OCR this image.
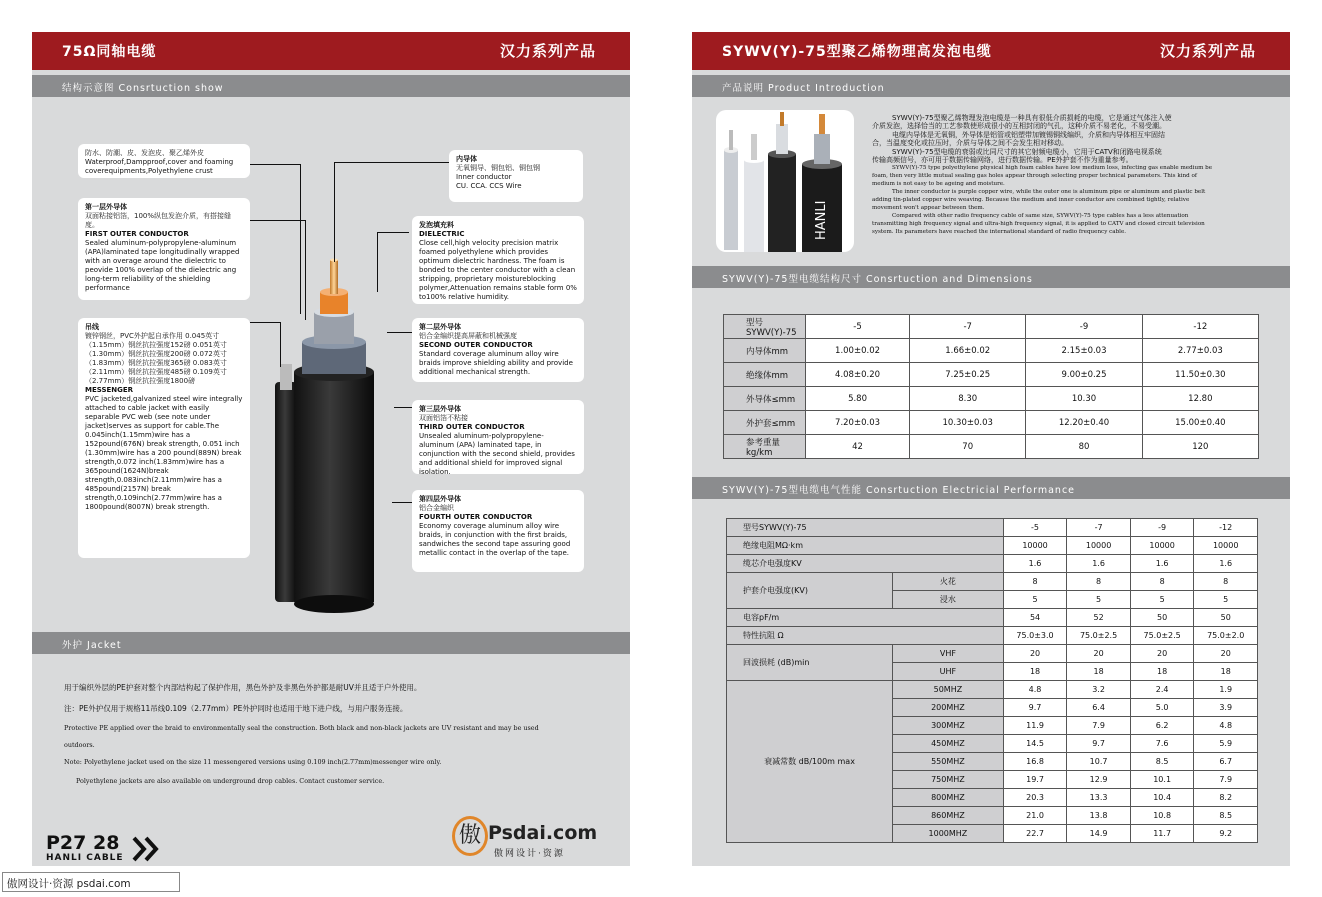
75Ω同轴电缆	汉力系列产品
结构示意图 Consrtuction show
防水、防潮、皮、发泡皮、聚乙烯外皮
Waterproof,Dampproof,cover and foaming coverequipments,Polyethylene crust
第一层外导体
双面粘接铝箔，100%纵包发泡介质，有搭接缝度。
FIRST OUTER CONDUCTOR
Sealed aluminum-polypropylene-aluminum (APA)laminated tape longitudinally wrapped with an overage around the dielectric to peovide 100% overlap of the dielectric ang long-term reliability of the shielding performance
吊线
镀锌钢丝，PVC外护起自承作用 0.045英寸（1.15mm）钢丝抗拉强度152磅 0.051英寸（1.30mm）钢丝抗拉强度200磅 0.072英寸（1.83mm）钢丝抗拉强度365磅 0.083英寸（2.11mm）钢丝抗拉强度485磅 0.109英寸（2.77mm）钢丝抗拉强度1800磅
MESSENGER
PVC jacketed,galvanized steel wire integrally attached to cable jacket with easily separable PVC web (see note under jacket)serves as support for cable.The 0.045inch(1.15mm)wire has a 152pound(676N) break strength, 0.051 inch (1.30mm)wire has a 200 pound(889N) break strength,0.072 inch(1.83mm)wire has a 365pound(1624N)break strength,0.083inch(2.11mm)wire has a 485pound(2157N) break strength,0.109inch(2.77mm)wire has a 1800pound(8007N) break strength.
内导体
无氧铜导、铜包铝、铜包钢
Inner conductor
CU. CCA. CCS Wire
发泡填充料
DIELECTRIC
Close cell,high velocity precision matrix foamed polyethylene which provides optimum dielectric hardness. The foam is bonded to the center conductor with a clean stripping, proprietary moistureblocking polymer,Attenuation remains stable form 0% to100% relative humidity.
第二层外导体
铝合金编织提高屏蔽和机械强度
SECOND OUTER CONDUCTOR
Standard coverage aluminum alloy wire braids improve shielding ability and provide additional mechanical strength.
第三层外导体
双面铝箔不粘接
THIRD OUTER CONDUCTOR
Unsealed aluminum-polypropylene-aluminum (APA) laminated tape, in conjunction with the second shield, provides and additional shield for improved signal isolation.
第四层外导体
铝合金编织
FOURTH OUTER CONDUCTOR
Economy coverage aluminum alloy wire braids, in conjunction with the first braids, sandwiches the second tape assuring good metallic contact in the overlap of the tape.
外护 Jacket
用于编织外层的PE护套对整个内部结构起了保护作用，黑色外护及非黑色外护都是耐UV并且适于户外使用。
注：PE外护仅用于规格11吊线0.109（2.77mm）PE外护同时也适用于地下进户线，与用户服务连接。
Protective PE applied over the braid to environmentally seal the construction. Both black and non-black jackets are UV resistant and may be used
outdoors.
Note: Polyethylene jacket used on the size 11 messengered versions using 0.109 inch(2.77mm)messenger wire only.
Polyethylene jackets are also available on underground drop cables. Contact customer service.
P27 28
HANLI CABLE
傲 Psdai.com
傲网设计·资源
SYWV(Y)-75型聚乙烯物理高发泡电缆	汉力系列产品
产品说明 Product Introduction
HANLI
SYWV(Y)-75型聚乙烯物理发泡电缆是一种具有很低介质损耗的电缆，它是通过气体注入使
介质发泡，选择恰当的工艺参数使形成很小的互相封闭的气孔，这种介质不易老化，不易受潮。
电缆内导体是无氧铜，外导体是铝管或铝塑带加镀锡铜线编织，介质和内导体相互牢固结
合，当温度变化或拉压时，介质与导体之间不会发生相对移动。
SYWV(Y)-75型电缆的衰弱或比同尺寸的其它射频电缆小，它用于CATV和闭路电视系统
传输高频信号，亦可用于数据传输网络，进行数据传输。PE外护套不作为重量参考。
SYWV(Y)-75 type polyethylene physical high foam cables have low medium loss, infecting gas enable medium be
foam, then very little mutual sealing gas holes appear through selecting proper technical parameters. This kind of
medium is not easy to be ageing and moisture.
The inner conductor is purple copper wire, while the outer one is aluminum pipe or aluminum and plastic belt
adding tin-plated copper wire weaving. Because the medium and inner conductor are combined tightly, relative
movement won't appear between them.
Compared with other radio frequency cable of same size, SYWV(Y)-75 type cables has a less attenuation
transmitting high frequency signal and ultra-high frequency signal, it is applied to CATV and closed circuit television
system. Its parameters have reached the international standard of radio frequency cable.
SYWV(Y)-75型电缆结构尺寸 Consrtuction and Dimensions
型号SYWV(Y)-75	-5	-7	-9	-12
内导体mm	1.00±0.02	1.66±0.02	2.15±0.03	2.77±0.03
绝缘体mm	4.08±0.20	7.25±0.25	9.00±0.25	11.50±0.30
外导体≤mm	5.80	8.30	10.30	12.80
外护套≤mm	7.20±0.03	10.30±0.03	12.20±0.40	15.00±0.40
参考重量kg/km	42	70	80	120
SYWV(Y)-75型电缆电气性能 Consrtuction Electricial Performance
型号SYWV(Y)-75		-5	-7	-9	-12
绝缘电阻MΩ·km		10000	10000	10000	10000
缆芯介电强度KV		1.6	1.6	1.6	1.6
护套介电强度(KV)	火花	8	8	8	8
	浸水	5	5	5	5
电容pF/m		54	52	50	50
特性抗阻 Ω		75.0±3.0	75.0±2.5	75.0±2.5	75.0±2.0
回波损耗 (dB)min	VHF	20	20	20	20
	UHF	18	18	18	18
衰减常数 dB/100m max	50MHZ	4.8	3.2	2.4	1.9
	200MHZ	9.7	6.4	5.0	3.9
	300MHZ	11.9	7.9	6.2	4.8
	450MHZ	14.5	9.7	7.6	5.9
	550MHZ	16.8	10.7	8.5	6.7
	750MHZ	19.7	12.9	10.1	7.9
	800MHZ	20.3	13.3	10.4	8.2
	860MHZ	21.0	13.8	10.8	8.5
	1000MHZ	22.7	14.9	11.7	9.2
傲网设计·资源 psdai.com
